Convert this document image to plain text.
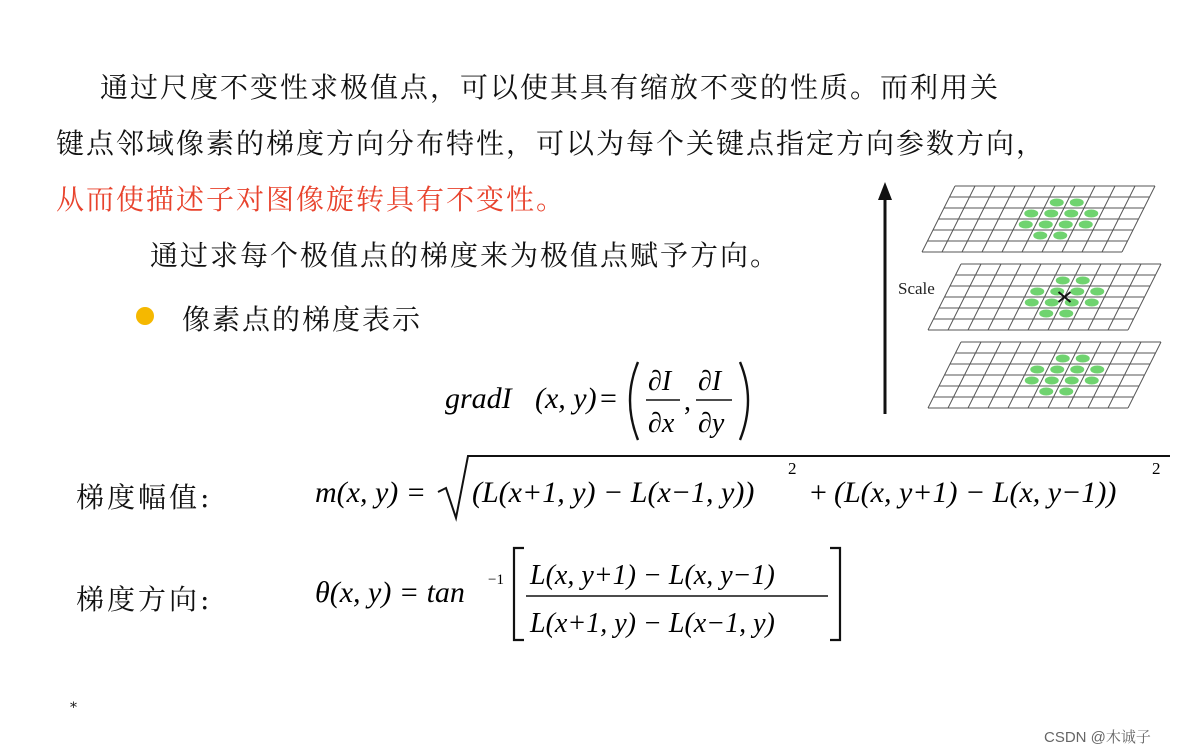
通过尺度不变性求极值点，可以使其具有缩放不变的性质。而利用关
键点邻域像素的梯度方向分布特性，可以为每个关键点指定方向参数方向，
从而使描述子对图像旋转具有不变性。
通过求每个极值点的梯度来为极值点赋予方向。
像素点的梯度表示
Scale
gradI (x, y) =
∂I
∂x
,
∂I
∂y
梯度幅值:	m(x, y) = (L(x+1, y) − L(x−1, y))
2
+ (L(x, y+1) − L(x, y−1))
2
梯度方向:	θ(x, y) = tan −1 L(x, y+1) − L(x, y−1)
L(x+1, y) − L(x−1, y)
*
CSDN @木诚子
